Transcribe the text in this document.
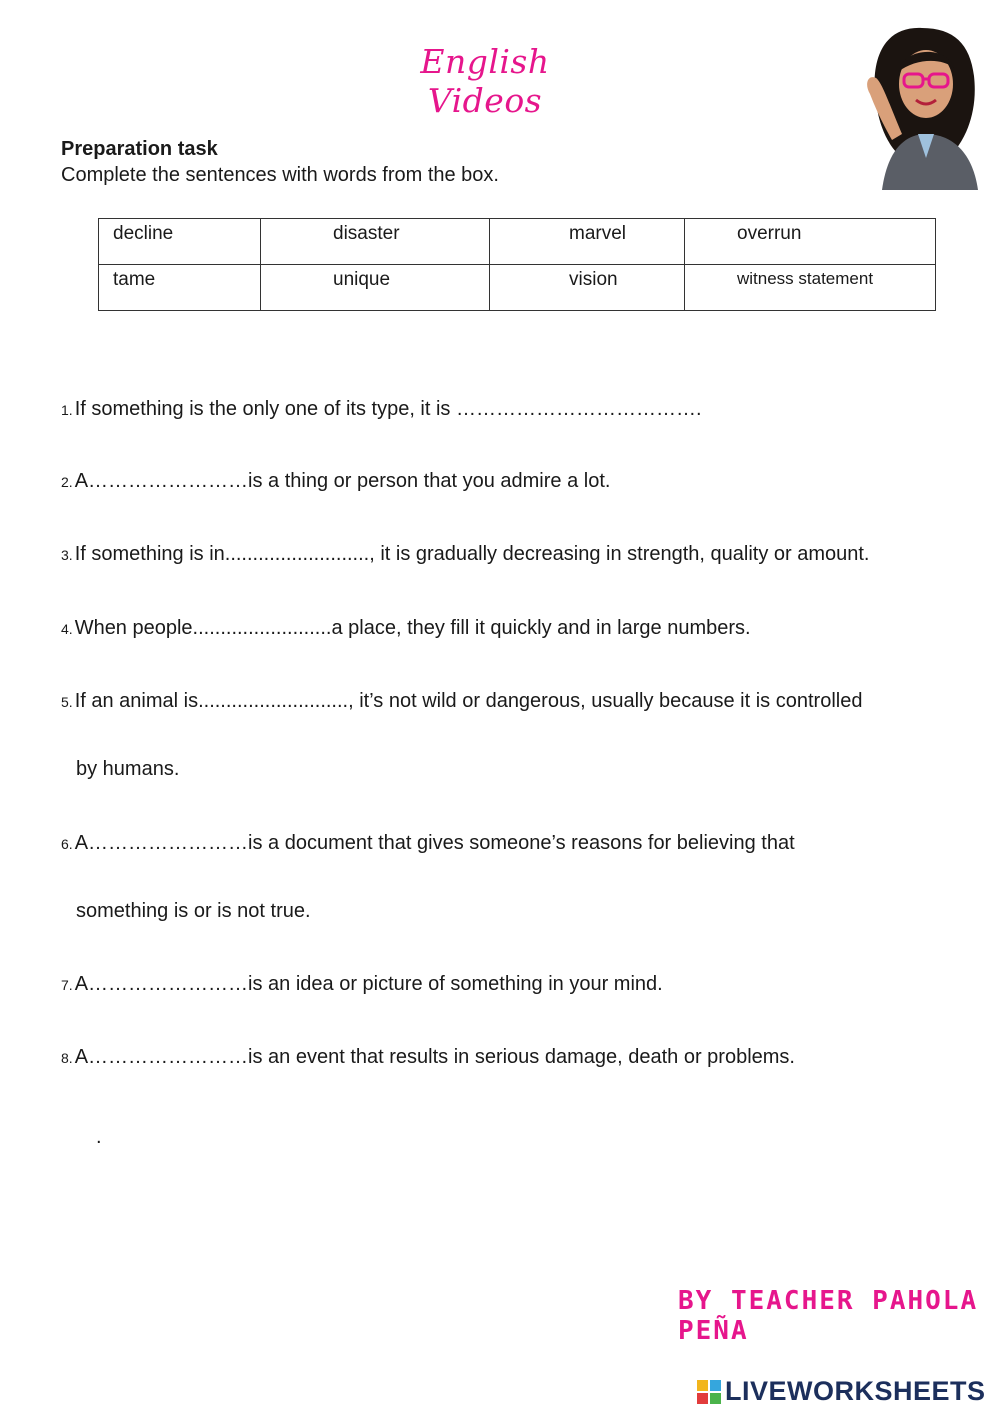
English Videos
Preparation task
Complete the sentences with words from the box.
decline	disaster	marvel	overrun

tame	unique	vision	witness statement
1. If something is the only one of its type, it is ……………………………….
2. A……………………is a thing or person that you admire a lot.
3. If something is in.........................., it is gradually decreasing in strength, quality or amount.
4. When people.........................a place, they fill it quickly and in large numbers.
5. If an animal is..........................., it’s not wild or dangerous, usually because it is controlled
by humans.
6. A……………………is a document that gives someone’s reasons for believing that
something is or is not true.
7. A……………………is an idea or picture of something in your mind.
8. A……………………is an event that results in serious damage, death or problems.
.
BY TEACHER PAHOLA PEÑA
LIVEWORKSHEETS
